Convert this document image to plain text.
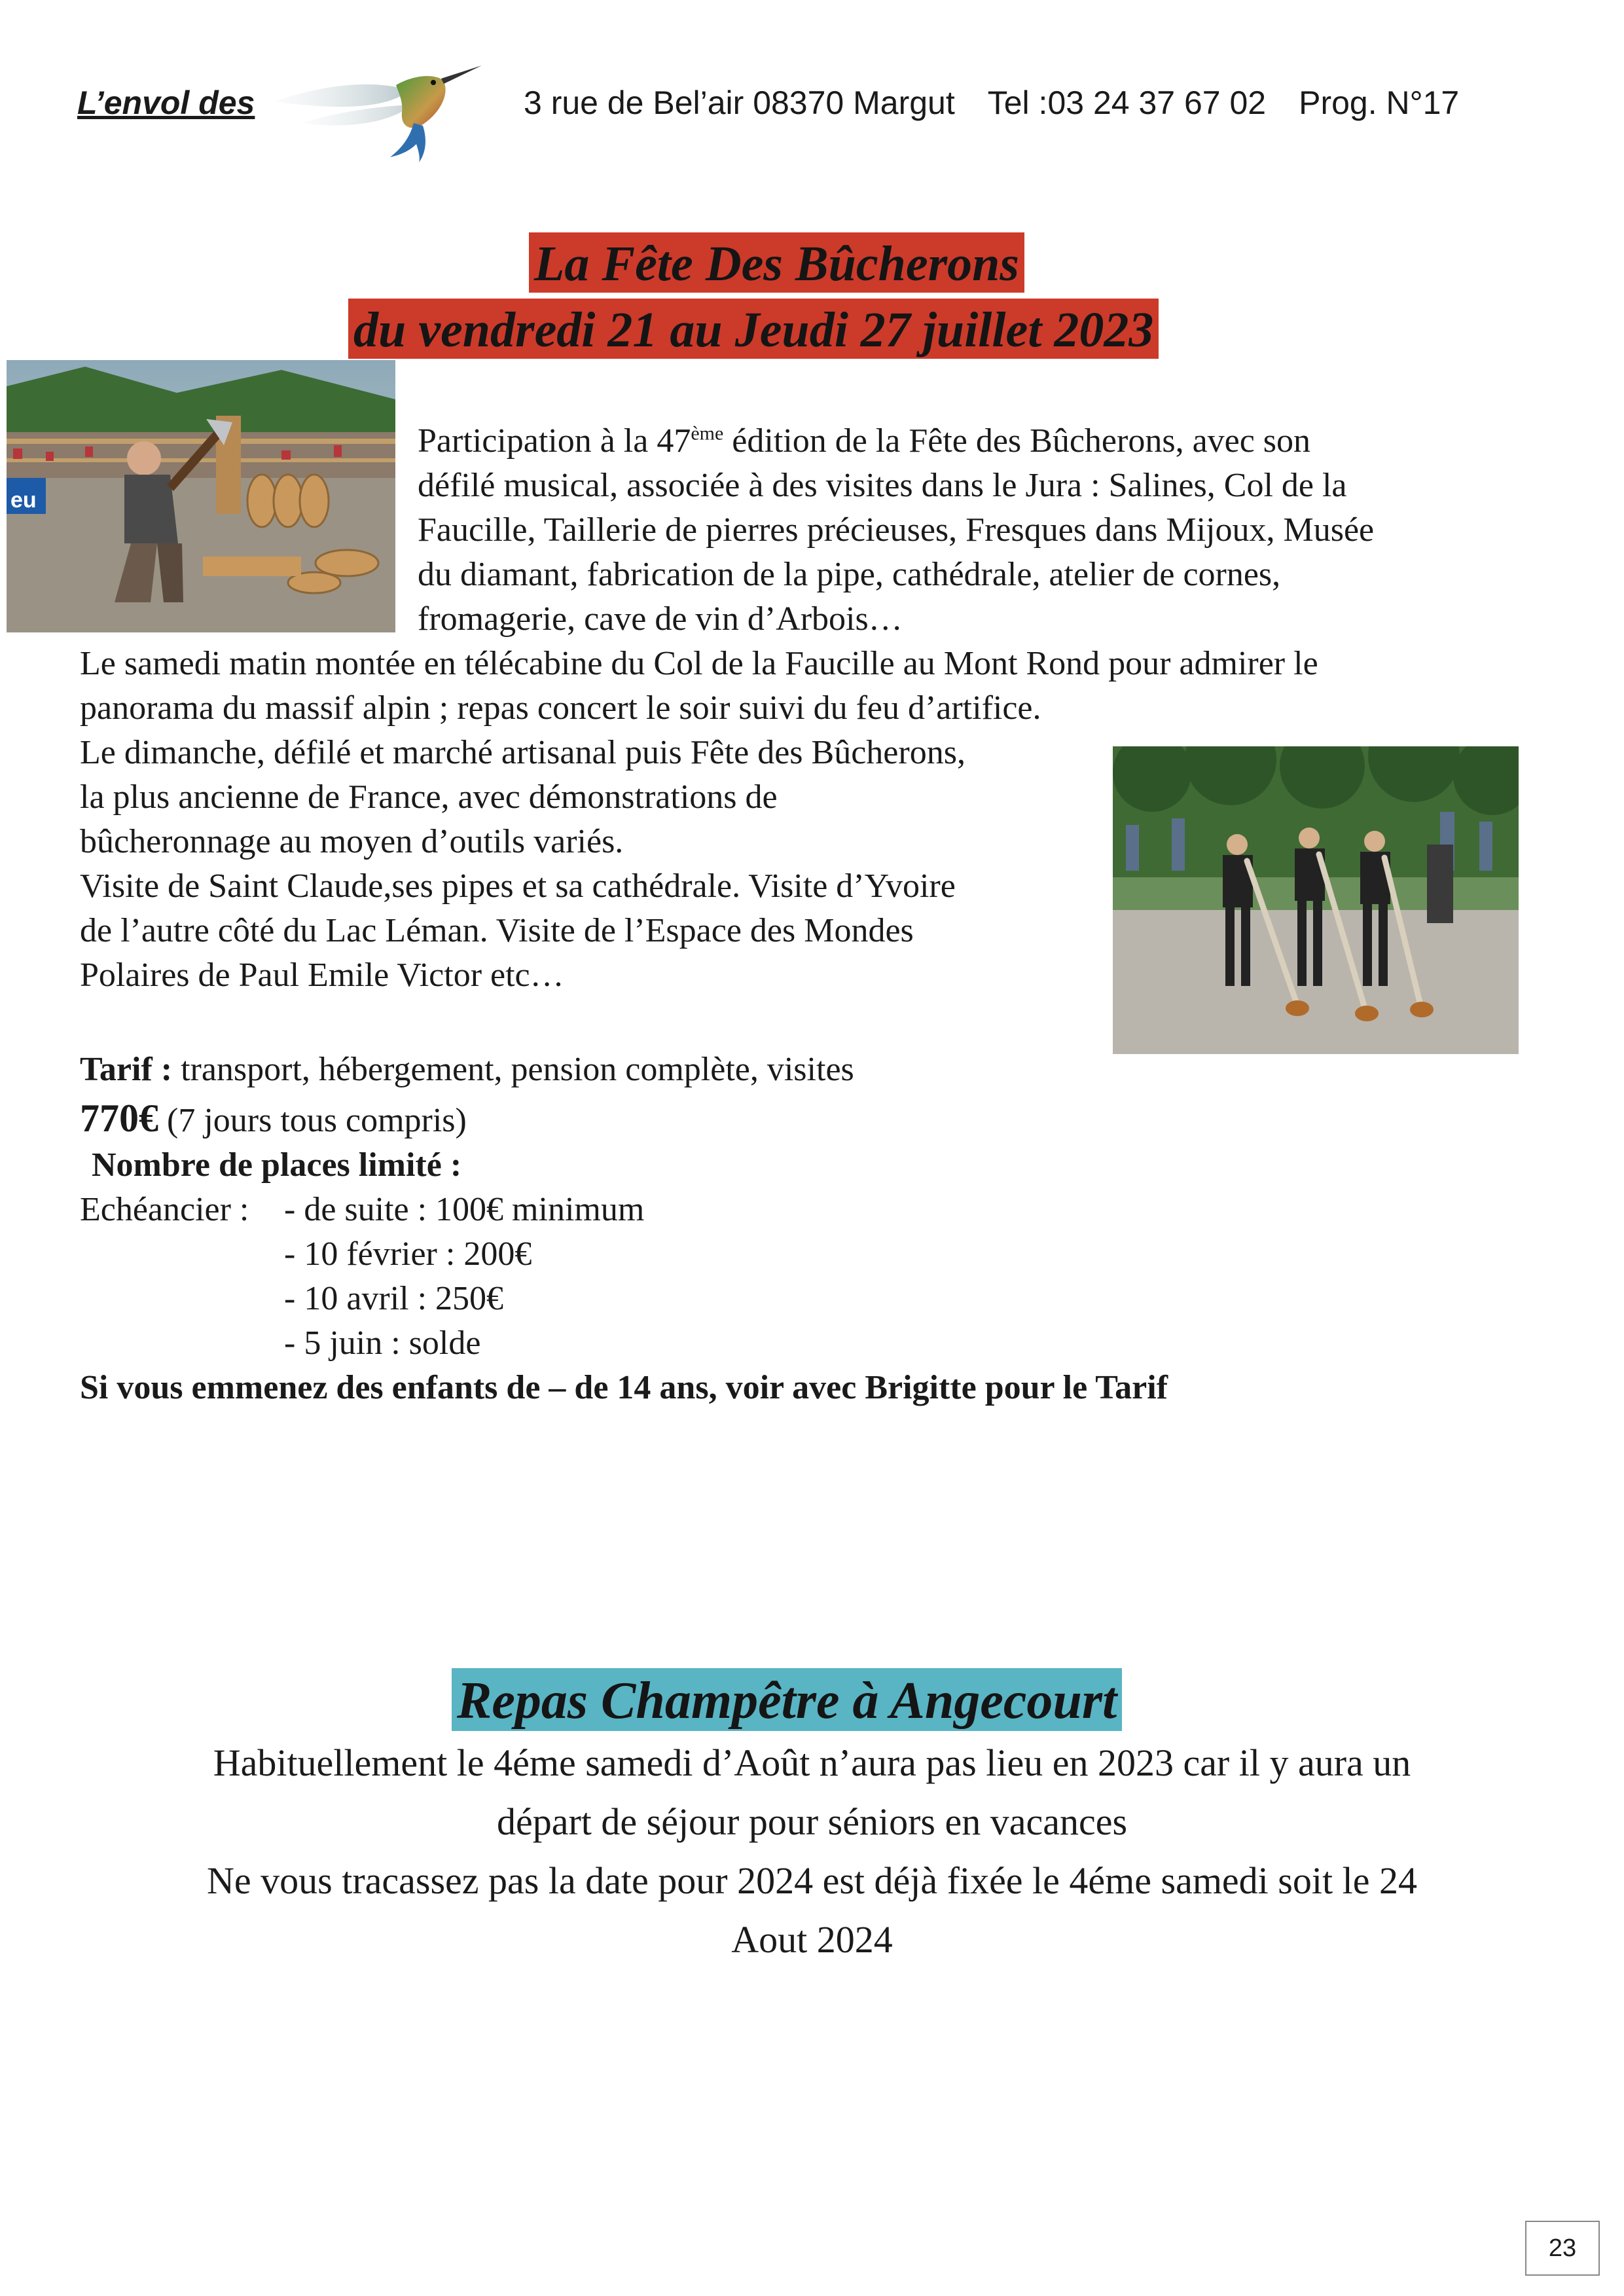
L’envol des	3 rue de Bel’air 08370 Margut Tel :03 24 37 67 02 Prog. N°17
La Fête Des Bûcherons
du vendredi 21 au Jeudi 27 juillet 2023
eu
Participation à la 47ème édition de la Fête des Bûcherons, avec son
défilé musical, associée à des visites dans le Jura : Salines, Col de la
Faucille, Taillerie de pierres précieuses, Fresques dans Mijoux, Musée
du diamant, fabrication de la pipe, cathédrale, atelier de cornes,
fromagerie, cave de vin d’Arbois…
Le samedi matin montée en télécabine du Col de la Faucille au Mont Rond pour admirer le
panorama du massif alpin ; repas concert le soir suivi du feu d’artifice.
Le dimanche, défilé et marché artisanal puis Fête des Bûcherons,
la plus ancienne de France, avec démonstrations de
bûcheronnage au moyen d’outils variés.
Visite de Saint Claude,ses pipes et sa cathédrale. Visite d’Yvoire
de l’autre côté du Lac Léman. Visite de l’Espace des Mondes
Polaires de Paul Emile Victor etc…
Tarif : transport, hébergement, pension complète, visites
770€ (7 jours tous compris)
Nombre de places limité :
Echéancier : - de suite : 100€ minimum
- 10 février : 200€
- 10 avril : 250€
- 5 juin : solde
Si vous emmenez des enfants de – de 14 ans, voir avec Brigitte pour le Tarif
Repas Champêtre à Angecourt
Habituellement le 4éme samedi d’Août n’aura pas lieu en 2023 car il y aura un
départ de séjour pour séniors en vacances
Ne vous tracassez pas la date pour 2024 est déjà fixée le 4éme samedi soit le 24
Aout 2024
23
